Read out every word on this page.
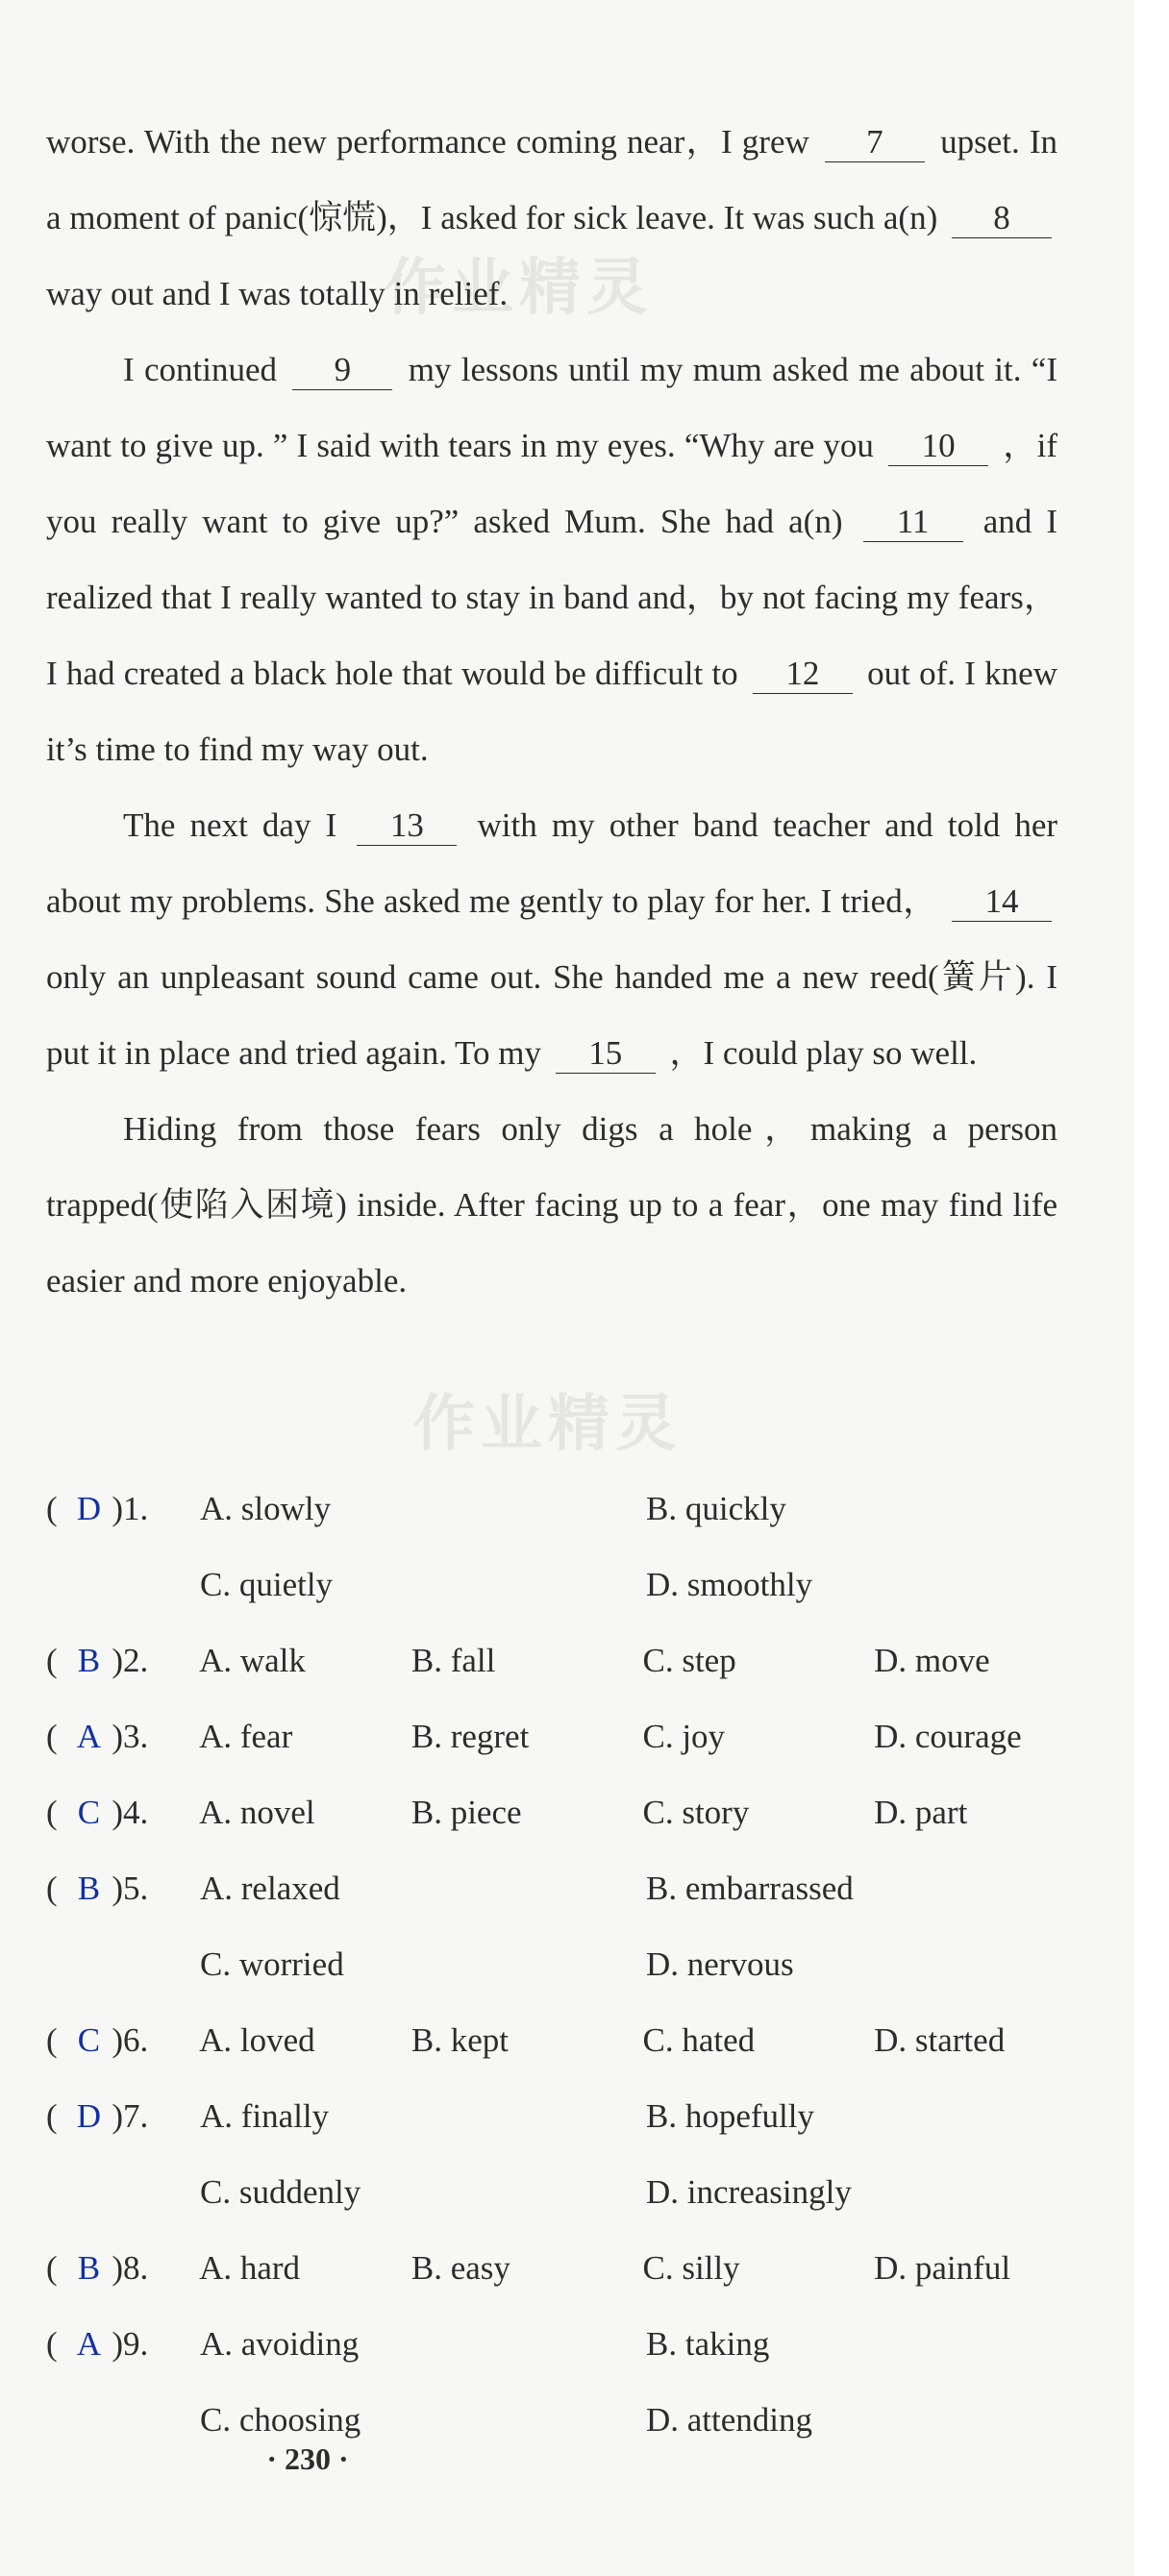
作业精灵
作业精灵

worse. With the new performance coming near，I grew 7 upset. In a moment of panic(惊慌)，I asked for sick leave. It was such a(n) 8 way out and I was totally in relief.

I continued 9 my lessons until my mum asked me about it. “I want to give up. ” I said with tears in my eyes. “Why are you 10 ，if you really want to give up?” asked Mum. She had a(n) 11 and I realized that I really wanted to stay in band and，by not facing my fears，I had created a black hole that would be difficult to 12 out of. I knew it’s time to find my way out.

The next day I 13 with my other band teacher and told her about my problems. She asked me gently to play for her. I tried， 14 only an unpleasant sound came out. She handed me a new reed(簧片). I put it in place and tried again. To my 15 ，I could play so well.

Hiding from those fears only digs a hole，making a person trapped(使陷入困境) inside. After facing up to a fear，one may find life easier and more enjoyable.

( D )1. A. slowly	B. quickly
C. quietly	D. smoothly
( B )2. A. walk	B. fall	C. step	D. move
( A )3. A. fear	B. regret	C. joy	D. courage
( C )4. A. novel	B. piece	C. story	D. part
( B )5. A. relaxed	B. embarrassed
C. worried	D. nervous
( C )6. A. loved	B. kept	C. hated	D. started
( D )7. A. finally	B. hopefully
C. suddenly	D. increasingly
( B )8. A. hard	B. easy	C. silly	D. painful
( A )9. A. avoiding	B. taking
C. choosing	D. attending
· 230 ·
